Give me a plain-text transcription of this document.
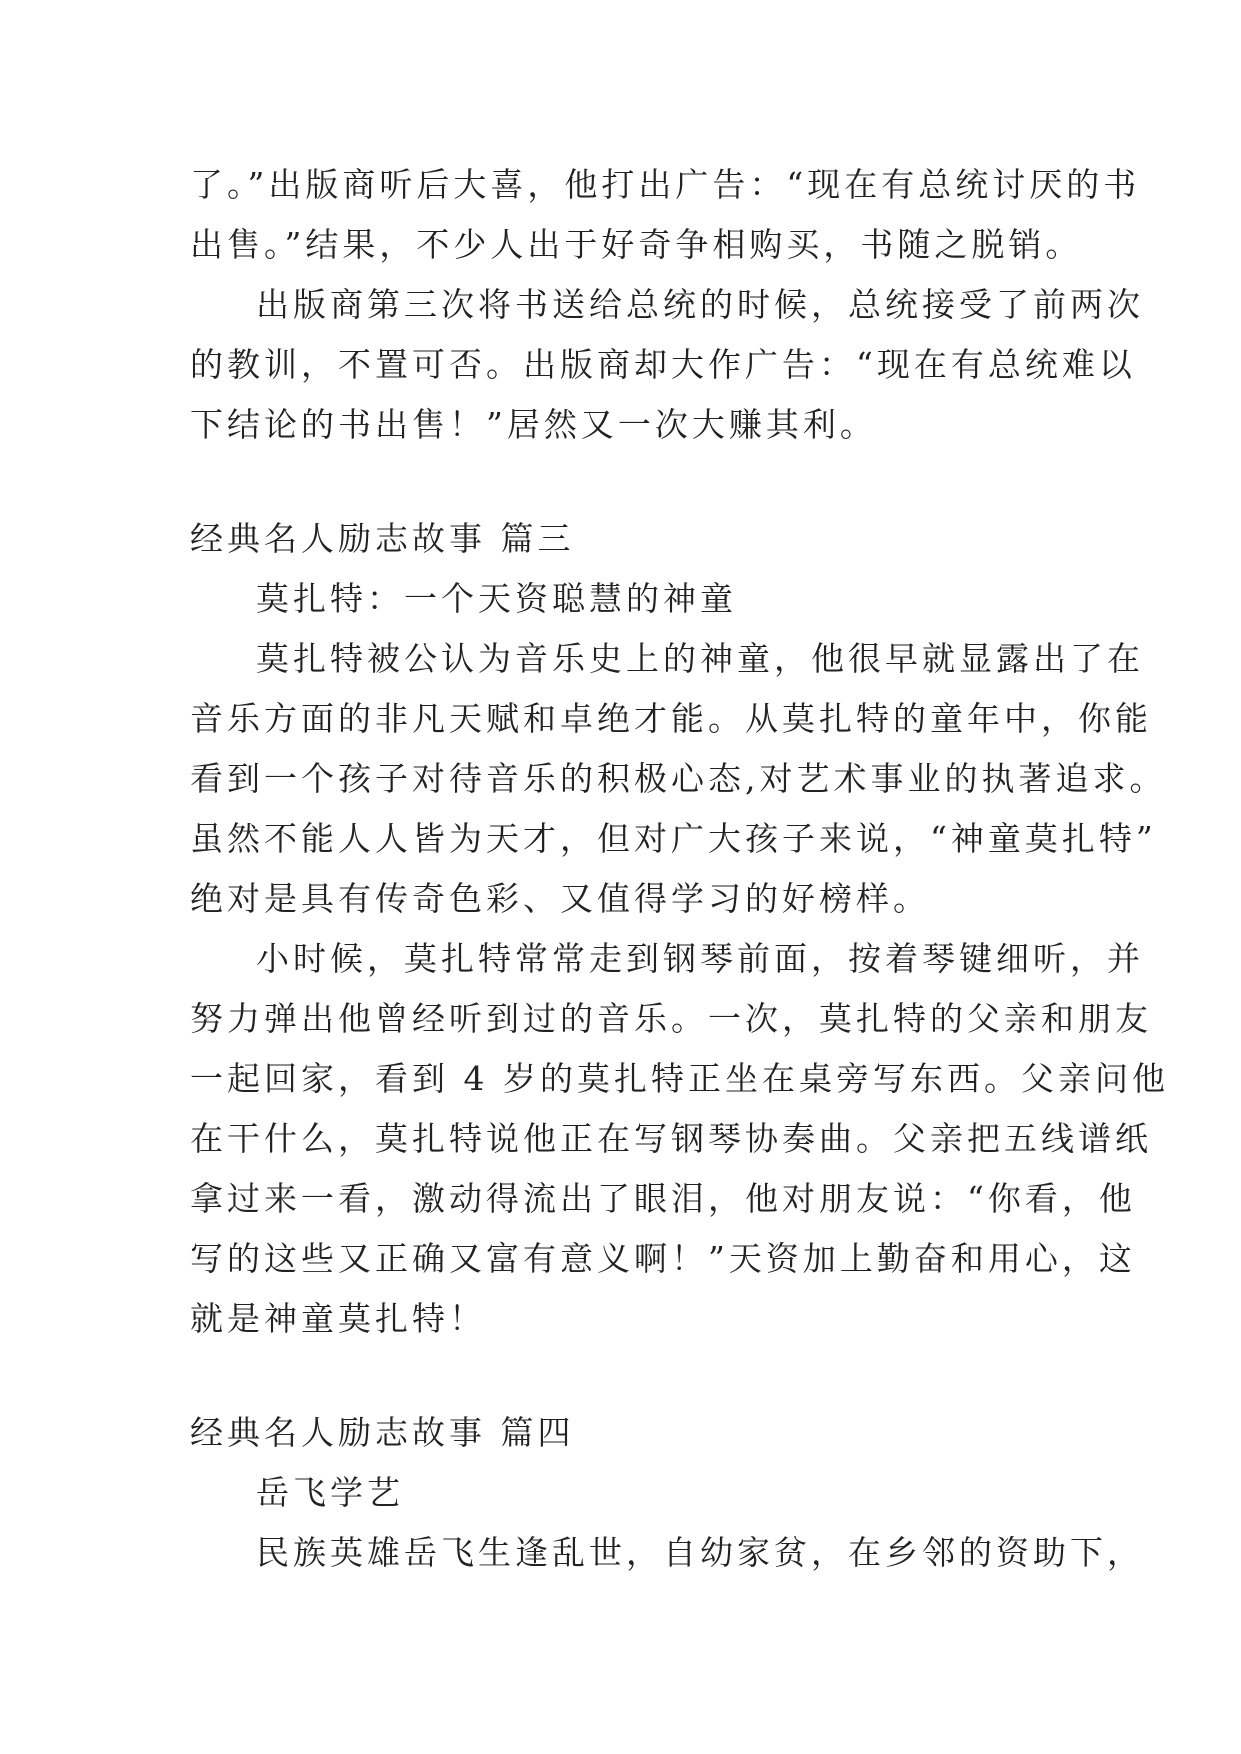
了。”出版商听后大喜，他打出广告：“现在有总统讨厌的书
出售。”结果，不少人出于好奇争相购买，书随之脱销。
出版商第三次将书送给总统的时候，总统接受了前两次
的教训，不置可否。出版商却大作广告：“现在有总统难以
下结论的书出售！”居然又一次大赚其利。
经典名人励志故事 篇三
莫扎特：一个天资聪慧的神童
莫扎特被公认为音乐史上的神童，他很早就显露出了在
音乐方面的非凡天赋和卓绝才能。从莫扎特的童年中，你能
看到一个孩子对待音乐的积极心态,对艺术事业的执著追求。
虽然不能人人皆为天才，但对广大孩子来说，“神童莫扎特”
绝对是具有传奇色彩、又值得学习的好榜样。
小时候，莫扎特常常走到钢琴前面，按着琴键细听，并
努力弹出他曾经听到过的音乐。一次，莫扎特的父亲和朋友
一起回家，看到 4 岁的莫扎特正坐在桌旁写东西。父亲问他
在干什么，莫扎特说他正在写钢琴协奏曲。父亲把五线谱纸
拿过来一看，激动得流出了眼泪，他对朋友说：“你看，他
写的这些又正确又富有意义啊！”天资加上勤奋和用心，这
就是神童莫扎特！
经典名人励志故事 篇四
岳飞学艺
民族英雄岳飞生逢乱世，自幼家贫，在乡邻的资助下，
